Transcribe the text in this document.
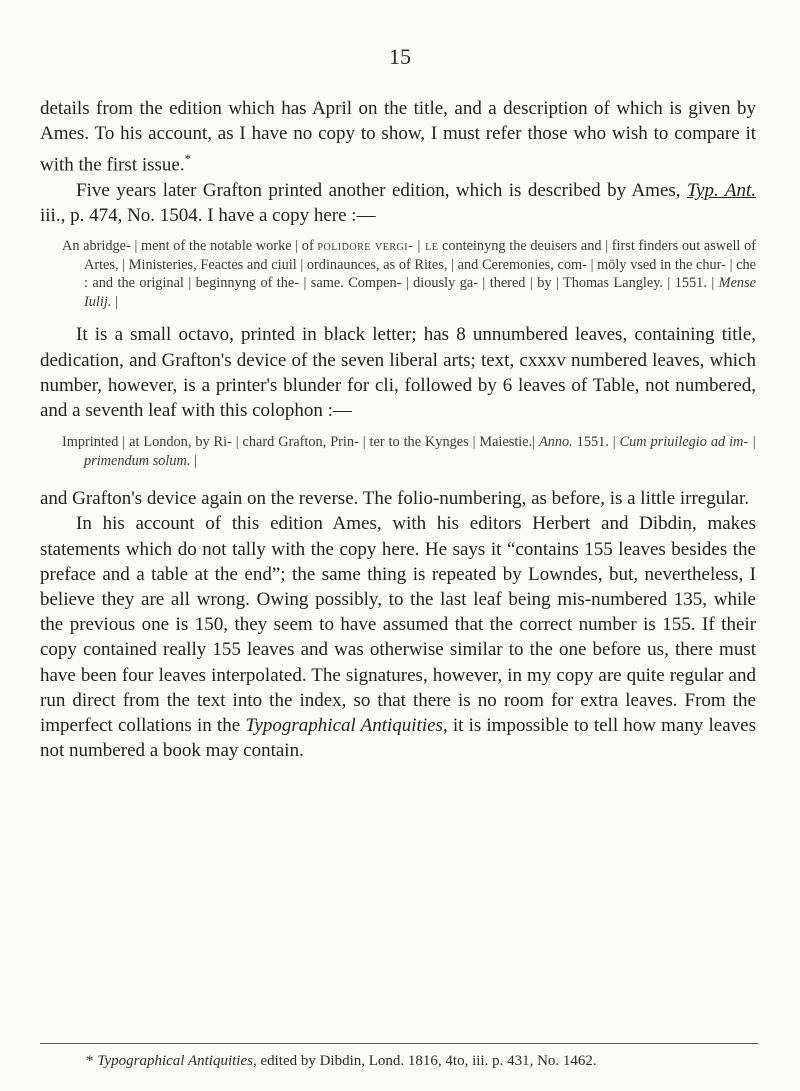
15

details from the edition which has April on the title, and a description of which is given by Ames. To his account, as I have no copy to show, I must refer those who wish to compare it with the first issue.*

Five years later Grafton printed another edition, which is described by Ames, Typ. Ant. iii., p. 474, No. 1504. I have a copy here :—

An abridge- | ment of the notable worke | of polidore vergi- | le conteinyng the deuisers and | first finders out aswell of Artes, | Ministeries, Feactes and ciuil | ordinaunces, as of Rites, | and Ceremonies, com- | mōly vsed in the chur- | che : and the original | beginnyng of the- | same. Compen- | diously ga- | thered | by | Thomas Langley. | 1551. | Mense Iulij. |

It is a small octavo, printed in black letter; has 8 unnumbered leaves, containing title, dedication, and Grafton's device of the seven liberal arts; text, cxxxv numbered leaves, which number, however, is a printer's blunder for cli, followed by 6 leaves of Table, not numbered, and a seventh leaf with this colophon :—

Imprinted | at London, by Ri- | chard Grafton, Prin- | ter to the Kynges | Maiestie.| Anno. 1551. | Cum priuilegio ad im- | primendum solum. |

and Grafton's device again on the reverse. The folio-numbering, as before, is a little irregular.

In his account of this edition Ames, with his editors Herbert and Dibdin, makes statements which do not tally with the copy here. He says it “contains 155 leaves besides the preface and a table at the end”; the same thing is repeated by Lowndes, but, nevertheless, I believe they are all wrong. Owing possibly, to the last leaf being mis-numbered 135, while the previous one is 150, they seem to have assumed that the correct number is 155. If their copy contained really 155 leaves and was otherwise similar to the one before us, there must have been four leaves interpolated. The signatures, however, in my copy are quite regular and run direct from the text into the index, so that there is no room for extra leaves. From the imperfect collations in the Typographical Antiquities, it is impossible to tell how many leaves not numbered a book may contain.

* Typographical Antiquities, edited by Dibdin, Lond. 1816, 4to, iii. p. 431, No. 1462.
